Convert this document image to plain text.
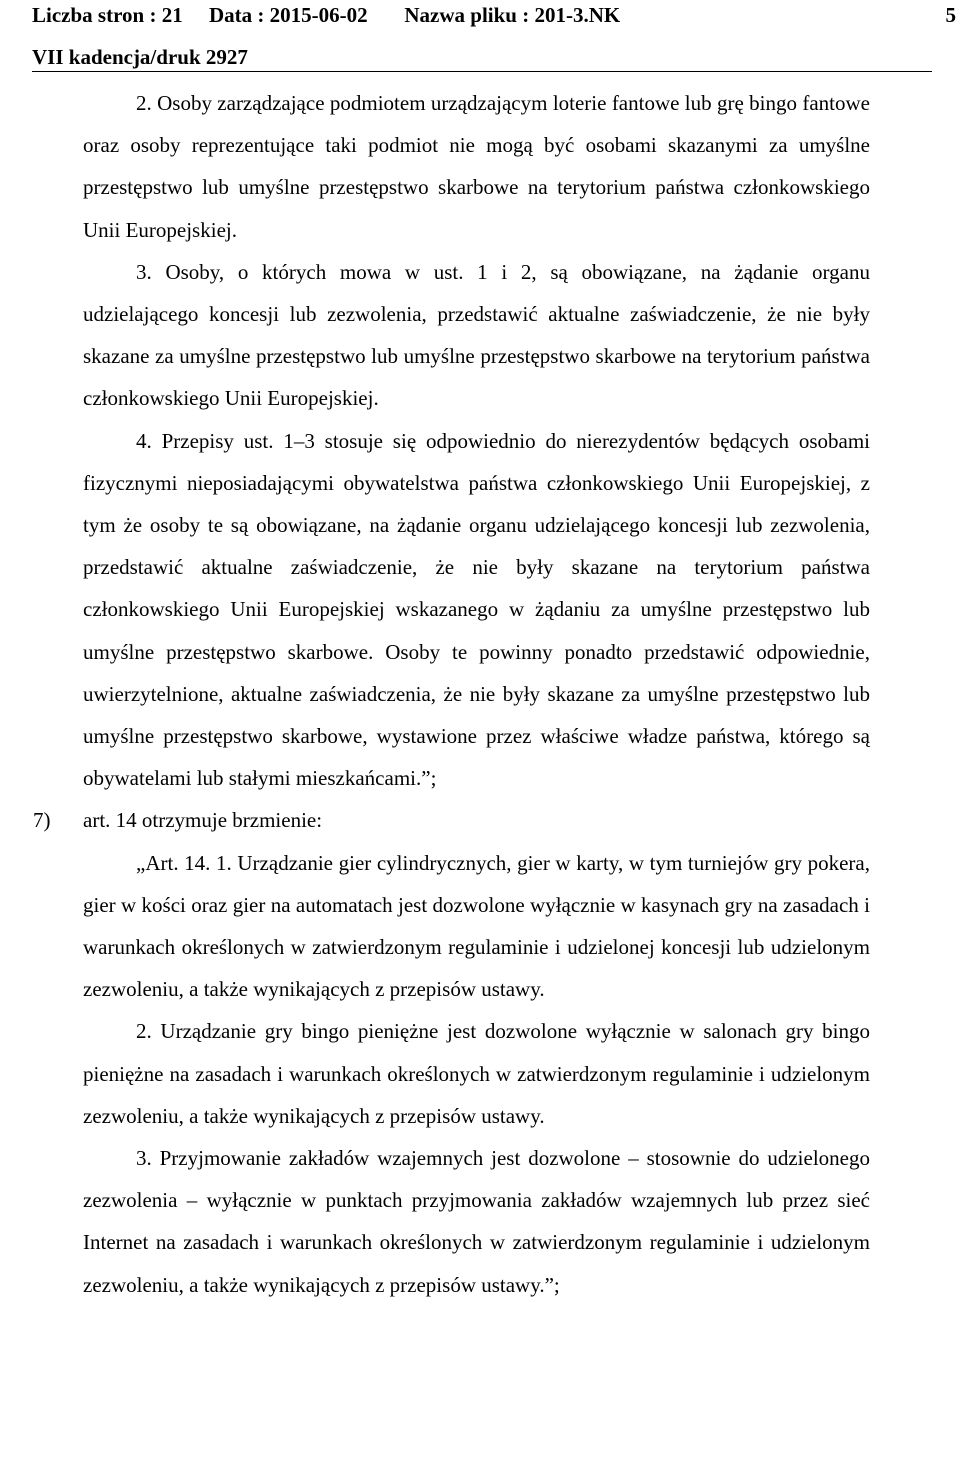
Liczba stron : 21 Data : 2015-06-02 Nazwa pliku : 201-3.NK	5
VII kadencja/druk 2927

2. Osoby zarządzające podmiotem urządzającym loterie fantowe lub grę bingo fantowe oraz osoby reprezentujące taki podmiot nie mogą być osobami skazanymi za umyślne przestępstwo lub umyślne przestępstwo skarbowe na terytorium państwa członkowskiego Unii Europejskiej.

3. Osoby, o których mowa w ust. 1 i 2, są obowiązane, na żądanie organu udzielającego koncesji lub zezwolenia, przedstawić aktualne zaświadczenie, że nie były skazane za umyślne przestępstwo lub umyślne przestępstwo skarbowe na terytorium państwa członkowskiego Unii Europejskiej.

4. Przepisy ust. 1–3 stosuje się odpowiednio do nierezydentów będących osobami fizycznymi nieposiadającymi obywatelstwa państwa członkowskiego Unii Europejskiej, z tym że osoby te są obowiązane, na żądanie organu udzielającego koncesji lub zezwolenia, przedstawić aktualne zaświadczenie, że nie były skazane na terytorium państwa członkowskiego Unii Europejskiej wskazanego w żądaniu za umyślne przestępstwo lub umyślne przestępstwo skarbowe. Osoby te powinny ponadto przedstawić odpowiednie, uwierzytelnione, aktualne zaświadczenia, że nie były skazane za umyślne przestępstwo lub umyślne przestępstwo skarbowe, wystawione przez właściwe władze państwa, którego są obywatelami lub stałymi mieszkańcami.”;

7) art. 14 otrzymuje brzmienie:

„Art. 14. 1. Urządzanie gier cylindrycznych, gier w karty, w tym turniejów gry pokera, gier w kości oraz gier na automatach jest dozwolone wyłącznie w kasynach gry na zasadach i warunkach określonych w zatwierdzonym regulaminie i udzielonej koncesji lub udzielonym zezwoleniu, a także wynikających z przepisów ustawy.

2. Urządzanie gry bingo pieniężne jest dozwolone wyłącznie w salonach gry bingo pieniężne na zasadach i warunkach określonych w zatwierdzonym regulaminie i udzielonym zezwoleniu, a także wynikających z przepisów ustawy.

3. Przyjmowanie zakładów wzajemnych jest dozwolone – stosownie do udzielonego zezwolenia – wyłącznie w punktach przyjmowania zakładów wzajemnych lub przez sieć Internet na zasadach i warunkach określonych w zatwierdzonym regulaminie i udzielonym zezwoleniu, a także wynikających z przepisów ustawy.”;
